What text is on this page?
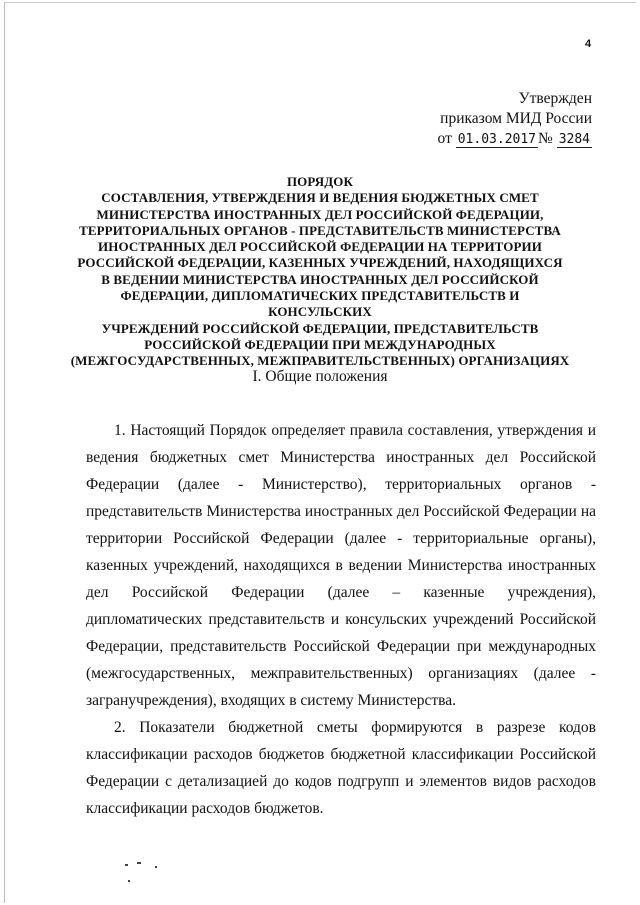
4
Утвержден
приказом МИД России
от 01.03.2017 № 3284
ПОРЯДОК
СОСТАВЛЕНИЯ, УТВЕРЖДЕНИЯ И ВЕДЕНИЯ БЮДЖЕТНЫХ СМЕТ
МИНИСТЕРСТВА ИНОСТРАННЫХ ДЕЛ РОССИЙСКОЙ ФЕДЕРАЦИИ,
ТЕРРИТОРИАЛЬНЫХ ОРГАНОВ - ПРЕДСТАВИТЕЛЬСТВ МИНИСТЕРСТВА
ИНОСТРАННЫХ ДЕЛ РОССИЙСКОЙ ФЕДЕРАЦИИ НА ТЕРРИТОРИИ
РОССИЙСКОЙ ФЕДЕРАЦИИ, КАЗЕННЫХ УЧРЕЖДЕНИЙ, НАХОДЯЩИХСЯ
В ВЕДЕНИИ МИНИСТЕРСТВА ИНОСТРАННЫХ ДЕЛ РОССИЙСКОЙ
ФЕДЕРАЦИИ, ДИПЛОМАТИЧЕСКИХ ПРЕДСТАВИТЕЛЬСТВ И КОНСУЛЬСКИХ
УЧРЕЖДЕНИЙ РОССИЙСКОЙ ФЕДЕРАЦИИ, ПРЕДСТАВИТЕЛЬСТВ
РОССИЙСКОЙ ФЕДЕРАЦИИ ПРИ МЕЖДУНАРОДНЫХ
(МЕЖГОСУДАРСТВЕННЫХ, МЕЖПРАВИТЕЛЬСТВЕННЫХ) ОРГАНИЗАЦИЯХ
I. Общие положения

1. Настоящий Порядок определяет правила составления, утверждения и ведения бюджетных смет Министерства иностранных дел Российской Федерации (далее - Министерство), территориальных органов - представительств Министерства иностранных дел Российской Федерации на территории Российской Федерации (далее - территориальные органы), казенных учреждений, находящихся в ведении Министерства иностранных дел Российской Федерации (далее – казенные учреждения), дипломатических представительств и консульских учреждений Российской Федерации, представительств Российской Федерации при международных (межгосударственных, межправительственных) организациях (далее - загранучреждения), входящих в систему Министерства.

2. Показатели бюджетной сметы формируются в разрезе кодов классификации расходов бюджетов бюджетной классификации Российской Федерации с детализацией до кодов подгрупп и элементов видов расходов классификации расходов бюджетов.
